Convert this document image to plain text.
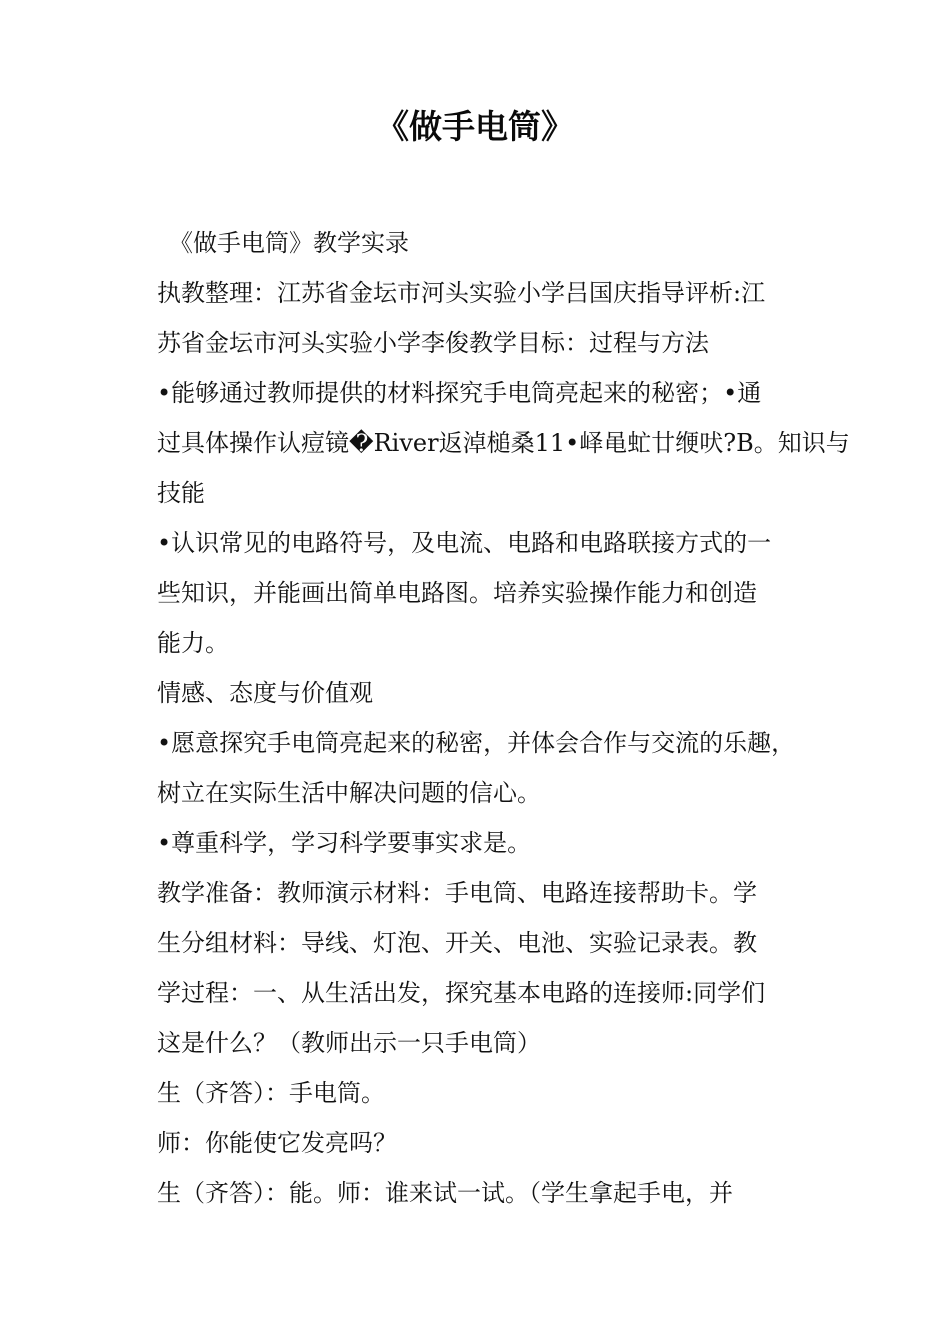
《做手电筒》
《做手电筒》教学实录
执教整理：江苏省金坛市河头实验小学吕国庆指导评析:江
苏省金坛市河头实验小学李俊教学目标：过程与方法
•能够通过教师提供的材料探究手电筒亮起来的秘密；•通
过具体操作认痘镜�River返淖槌桑11•峄黾虻廿缏吠?B。知识与
技能
•认识常见的电路符号，及电流、电路和电路联接方式的一
些知识，并能画出简单电路图。培养实验操作能力和创造
能力。
情感、态度与价值观
•愿意探究手电筒亮起来的秘密，并体会合作与交流的乐趣，
树立在实际生活中解决问题的信心。
•尊重科学，学习科学要事实求是。
教学准备：教师演示材料：手电筒、电路连接帮助卡。学
生分组材料：导线、灯泡、开关、电池、实验记录表。教
学过程：一、从生活出发，探究基本电路的连接师:同学们
这是什么？（教师出示一只手电筒）
生（齐答）：手电筒。
师：你能使它发亮吗？
生（齐答）：能。师：谁来试一试。（学生拿起手电，并
